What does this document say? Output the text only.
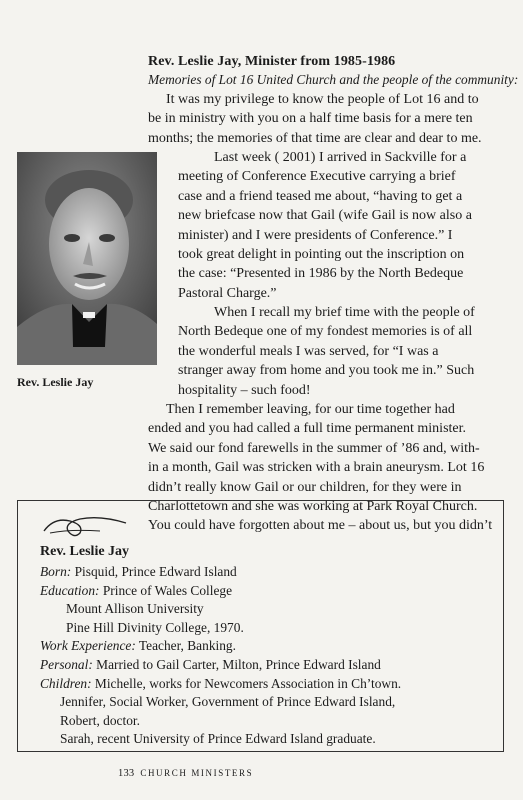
Rev. Leslie Jay, Minister from 1985-1986
Memories of Lot 16 United Church and the people of the community:

It was my privilege to know the people of Lot 16 and to
be in ministry with you on a half time basis for a mere ten
months; the memories of that time are clear and dear to me.

Rev. Leslie Jay

Last week ( 2001) I arrived in Sackville for a
meeting of Conference Executive carrying a brief
case and a friend teased me about, “having to get a
new briefcase now that Gail (wife Gail is now also a
minister) and I were presidents of Conference.” I
took great delight in pointing out the inscription on
the case: “Presented in 1986 by the North Bedeque
Pastoral Charge.”

When I recall my brief time with the people of
North Bedeque one of my fondest memories is of all
the wonderful meals I was served, for “I was a
stranger away from home and you took me in.” Such
hospitality – such food!

Then I remember leaving, for our time together had
ended and you had called a full time permanent minister.
We said our fond farewells in the summer of ’86 and, with-
in a month, Gail was stricken with a brain aneurysm. Lot 16
didn’t really know Gail or our children, for they were in
Charlottetown and she was working at Park Royal Church.
You could have forgotten about me – about us, but you didn’t

Rev. Leslie Jay
Born: Pisquid, Prince Edward Island
Education: Prince of Wales College
Mount Allison University
Pine Hill Divinity College, 1970.
Work Experience: Teacher, Banking.
Personal: Married to Gail Carter, Milton, Prince Edward Island
Children: Michelle, works for Newcomers Association in Ch’town.
Jennifer, Social Worker, Government of Prince Edward Island,
Robert, doctor.
Sarah, recent University of Prince Edward Island graduate.
133 CHURCH MINISTERS
